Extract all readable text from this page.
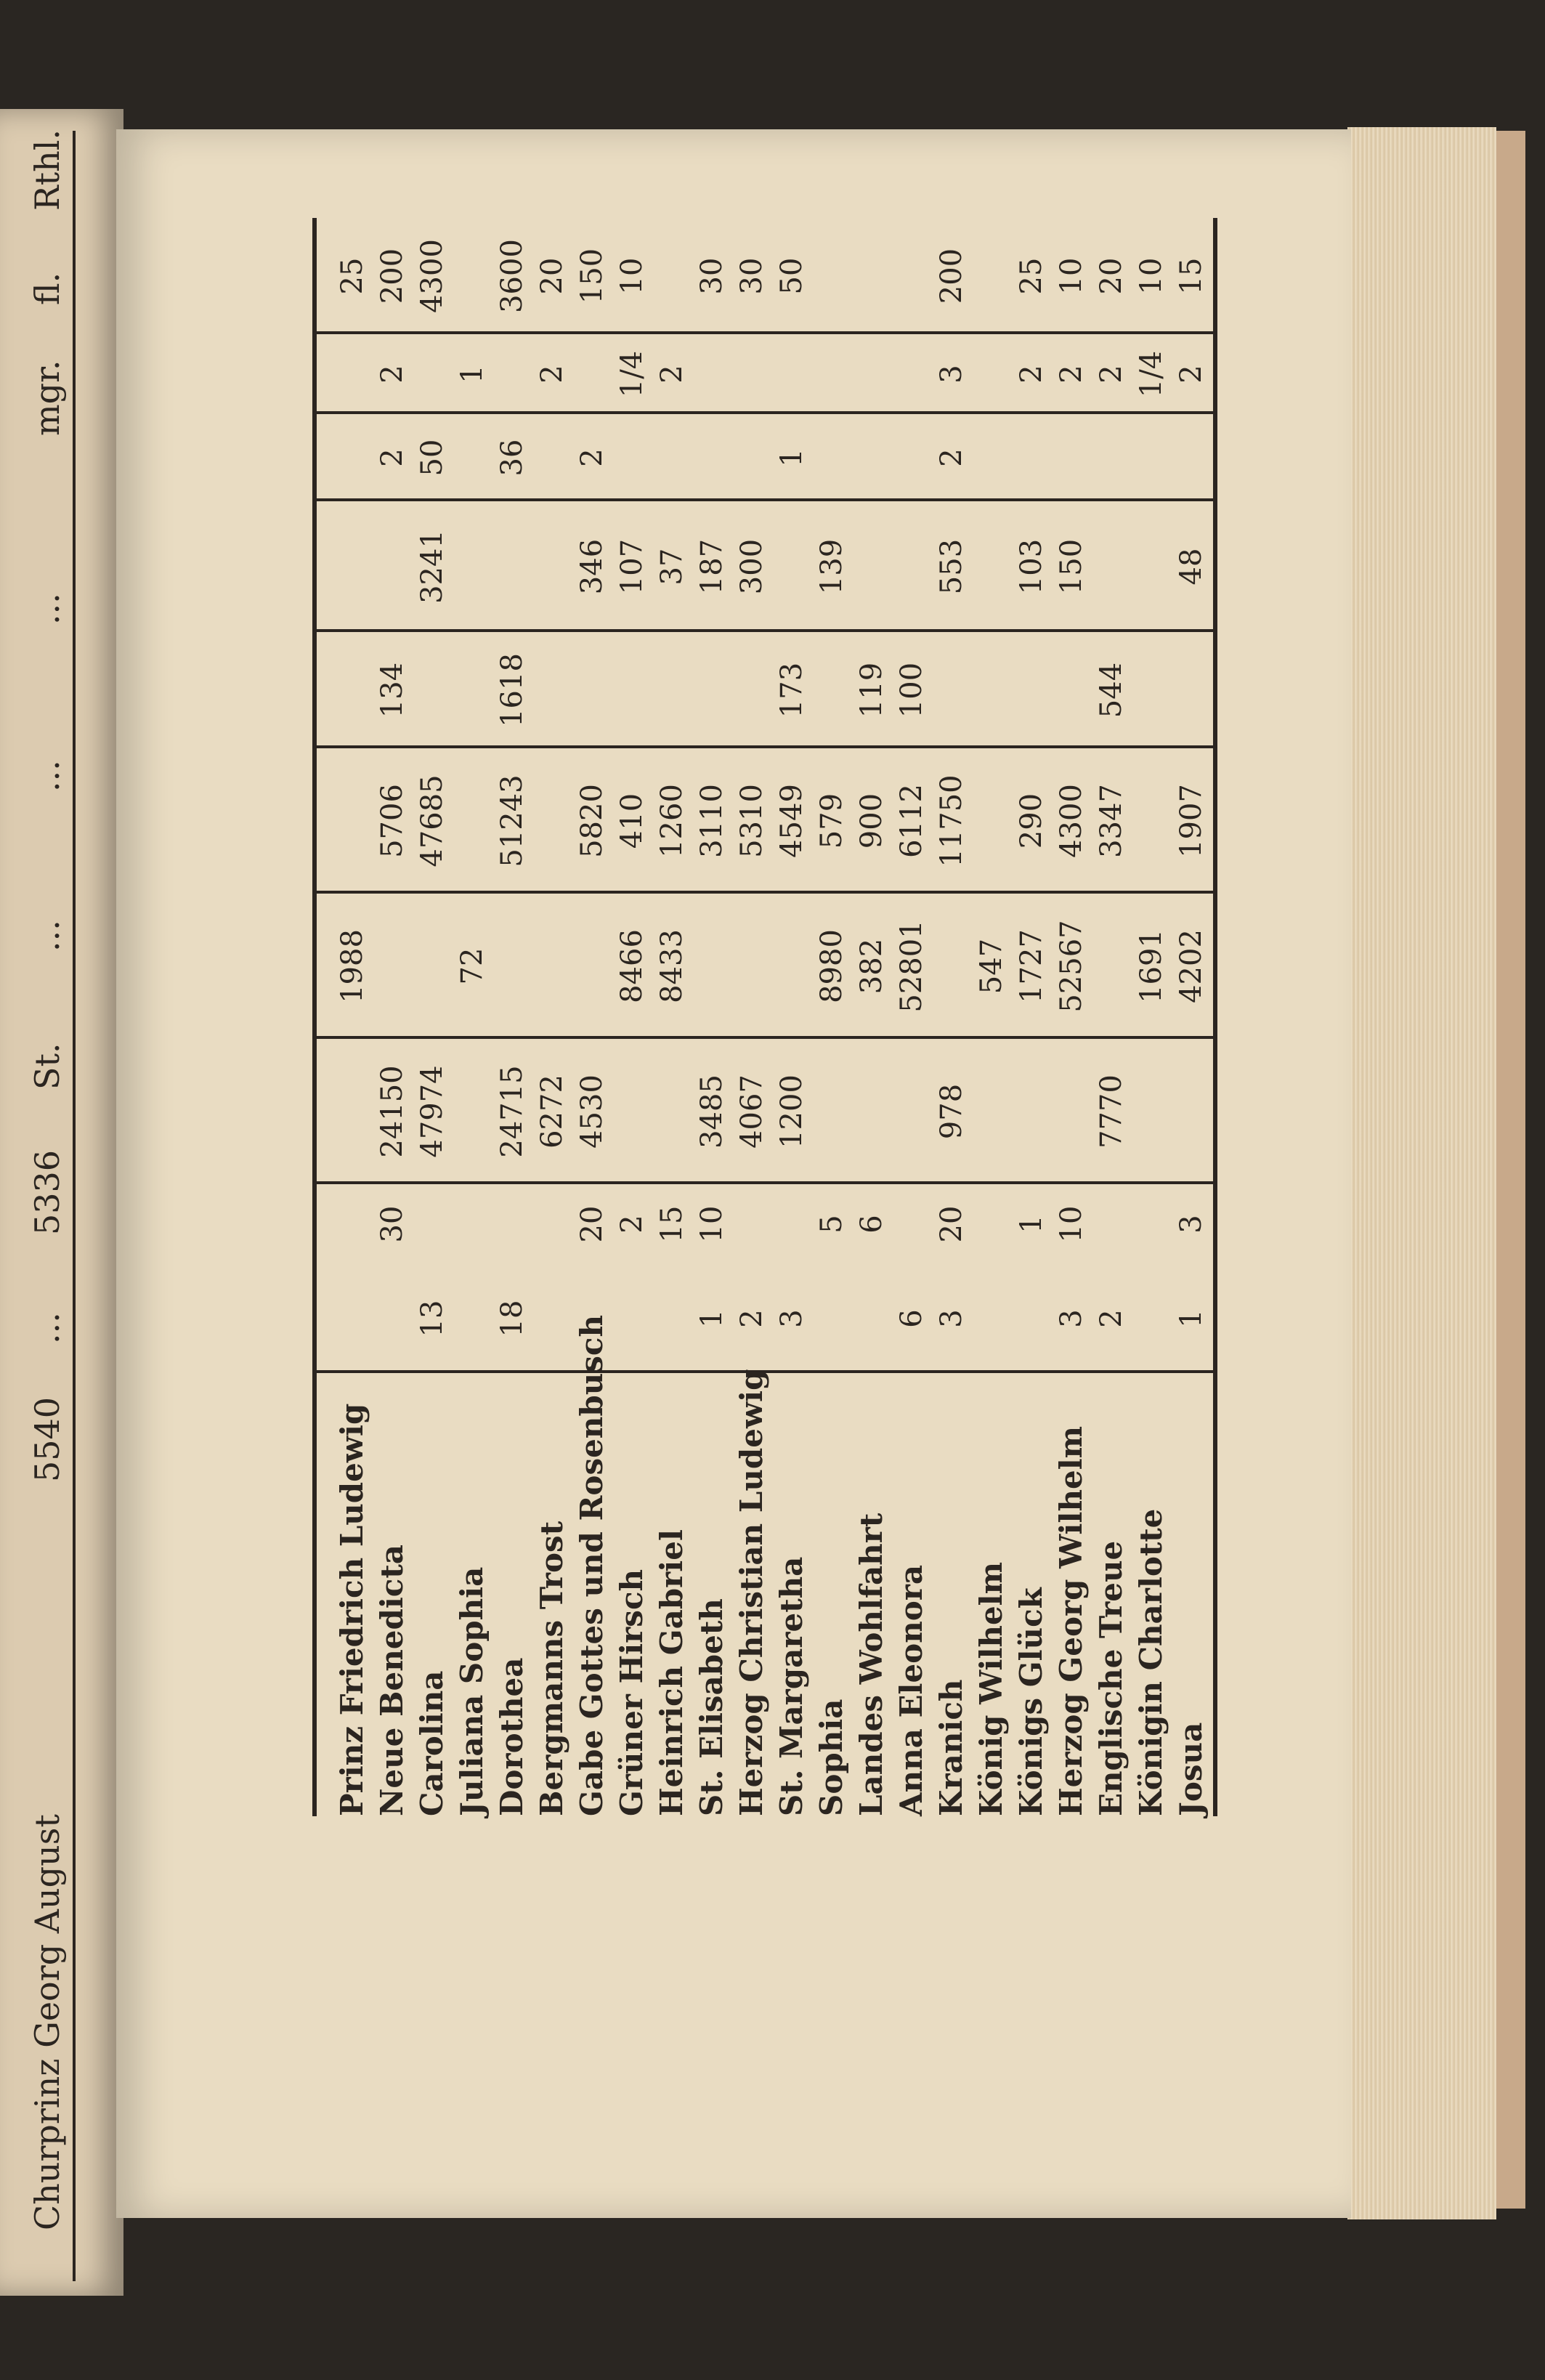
Churprinz Georg August
5540
...
5336
St.
...
...
...
mgr.
fl.
Rthl.
Prinz Friedrich Ludewig
1988
25
Neue Benedicta
30
24150
5706
134
2
2
200
Carolina
13
47974
47685
3241
50
4300
Juliana Sophia
72
1
Dorothea
18
24715
51243
1618
36
3600
Bergmanns Trost
6272
2
20
Gabe Gottes und Rosenbusch
20
4530
5820
346
2
150
Grüner Hirsch
2
8466
410
107
1/4
10
Heinrich Gabriel
15
8433
1260
37
2
St. Elisabeth
1
10
3485
3110
187
30
Herzog Christian Ludewig
2
4067
5310
300
30
St. Margaretha
3
1200
4549
173
1
50
Sophia
5
8980
579
139
Landes Wohlfahrt
6
382
900
119
Anna Eleonora
6
52801
6112
100
Kranich
3
20
978
11750
553
2
3
200
König Wilhelm
547
Königs Glück
1
1727
290
103
2
25
Herzog Georg Wilhelm
3
10
52567
4300
150
2
10
Englische Treue
2
7770
3347
544
2
20
Königin Charlotte
1691
1/4
10
Josua
1
3
4202
1907
48
2
15
